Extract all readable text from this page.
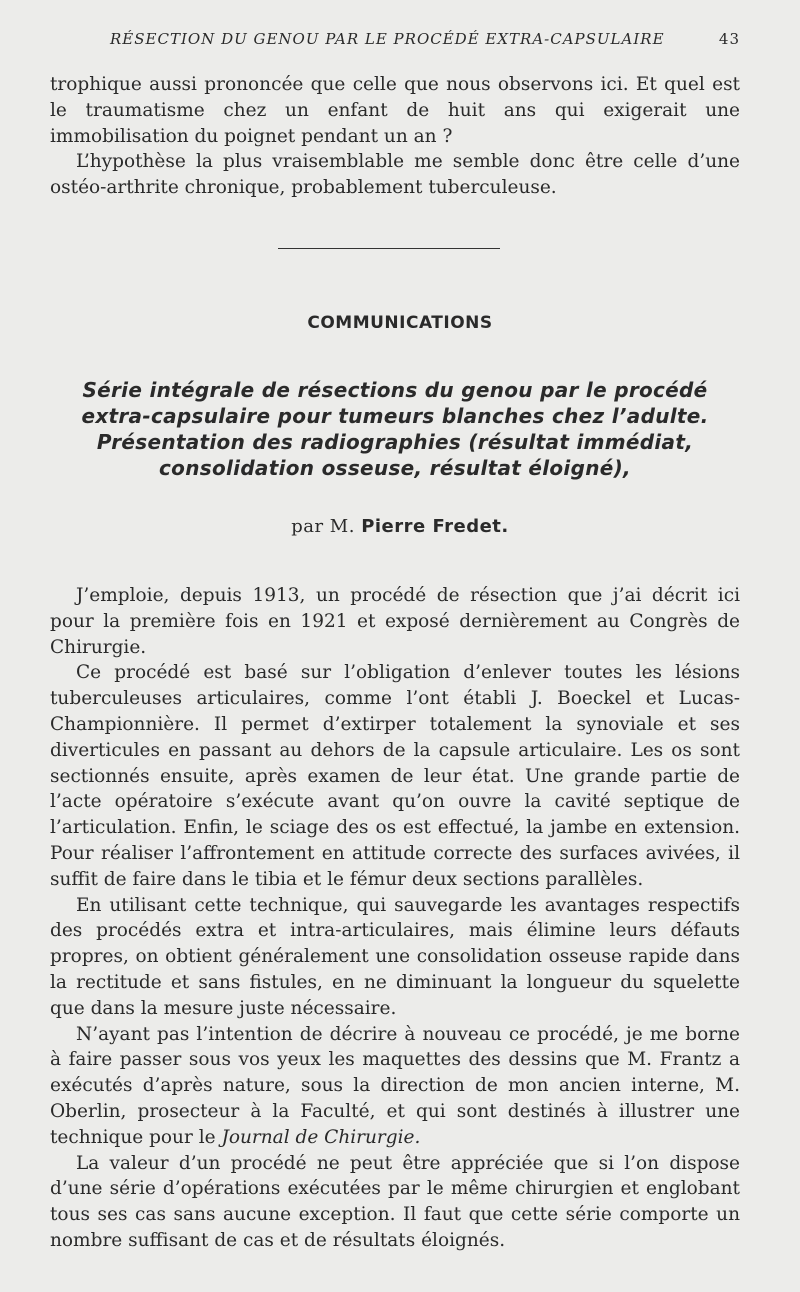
RÉSECTION DU GENOU PAR LE PROCÉDÉ EXTRA-CAPSULAIRE	43

trophique aussi prononcée que celle que nous observons ici. Et quel est le traumatisme chez un enfant de huit ans qui exigerait une immobilisation du poignet pendant un an ?

L’hypothèse la plus vraisemblable me semble donc être celle d’une ostéo-arthrite chronique, probablement tuberculeuse.

COMMUNICATIONS
Série intégrale de résections du genou par le procédé
extra-capsulaire pour tumeurs blanches chez l’adulte.
Présentation des radiographies (résultat immédiat,
consolidation osseuse, résultat éloigné),
par M. Pierre Fredet.

J’emploie, depuis 1913, un procédé de résection que j’ai décrit ici pour la première fois en 1921 et exposé dernièrement au Congrès de Chirurgie.

Ce procédé est basé sur l’obligation d’enlever toutes les lésions tuberculeuses articulaires, comme l’ont établi J. Boeckel et Lucas-Championnière. Il permet d’extirper totalement la synoviale et ses diverticules en passant au dehors de la capsule articulaire. Les os sont sectionnés ensuite, après examen de leur état. Une grande partie de l’acte opératoire s’exécute avant qu’on ouvre la cavité septique de l’articulation. Enfin, le sciage des os est effectué, la jambe en extension. Pour réaliser l’affrontement en attitude correcte des surfaces avivées, il suffit de faire dans le tibia et le fémur deux sections parallèles.

En utilisant cette technique, qui sauvegarde les avantages respectifs des procédés extra et intra-articulaires, mais élimine leurs défauts propres, on obtient généralement une consolidation osseuse rapide dans la rectitude et sans fistules, en ne diminuant la longueur du squelette que dans la mesure juste nécessaire.

N’ayant pas l’intention de décrire à nouveau ce procédé, je me borne à faire passer sous vos yeux les maquettes des dessins que M. Frantz a exécutés d’après nature, sous la direction de mon ancien interne, M. Oberlin, prosecteur à la Faculté, et qui sont destinés à illustrer une technique pour le Journal de Chirurgie.

La valeur d’un procédé ne peut être appréciée que si l’on dispose d’une série d’opérations exécutées par le même chirurgien et englobant tous ses cas sans aucune exception. Il faut que cette série comporte un nombre suffisant de cas et de résultats éloignés.
